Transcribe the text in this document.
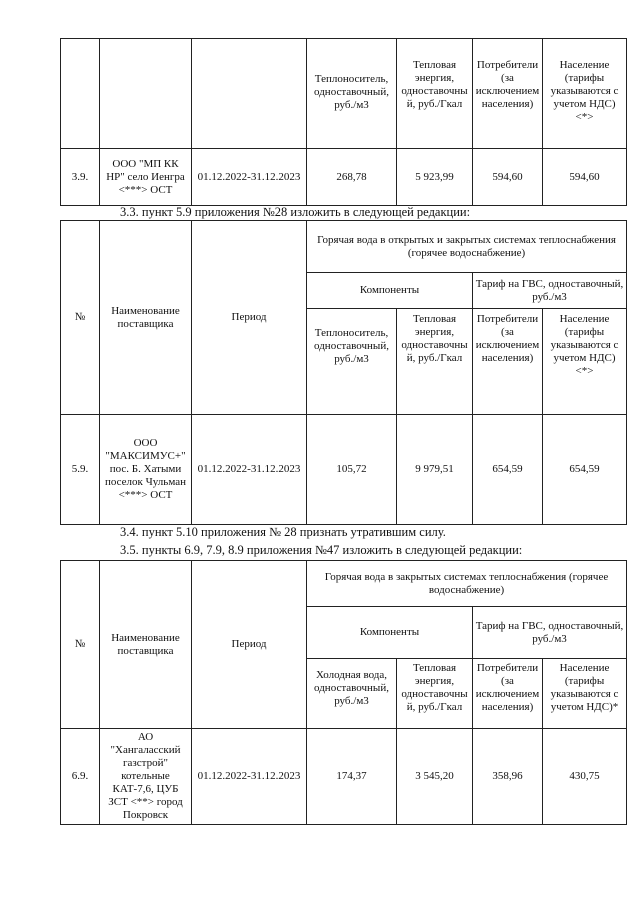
			Теплоноситель, одноставочный, руб./м3	Тепловая энергия, одноставочный, руб./Гкал	Потребители (за исключением населения)	Население (тарифы указываются с учетом НДС) <*>
3.9.	ООО "МП КК НР" село Иенгра <***> ОСТ	01.12.2022-31.12.2023	268,78	5 923,99	594,60	594,60
3.3. пункт 5.9 приложения №28 изложить в следующей редакции:
№	Наименование поставщика	Период	Горячая вода в открытых и закрытых системах теплоснабжения (горячее водоснабжение)			
			Компоненты		Тариф на ГВС, одноставочный, руб./м3	
			Теплоноситель, одноставочный, руб./м3	Тепловая энергия, одноставочный, руб./Гкал	Потребители (за исключением населения)	Население (тарифы указываются с учетом НДС) <*>
5.9.	ООО "МАКСИМУС+" пос. Б. Хатыми поселок Чульман <***> ОСТ	01.12.2022-31.12.2023	105,72	9 979,51	654,59	654,59
3.4. пункт 5.10 приложения № 28 признать утратившим силу.
3.5. пункты 6.9, 7.9, 8.9 приложения №47 изложить в следующей редакции:
№	Наименование поставщика	Период	Горячая вода в закрытых системах теплоснабжения (горячее водоснабжение)			
			Компоненты		Тариф на ГВС, одноставочный, руб./м3	
			Холодная вода, одноставочный, руб./м3	Тепловая энергия, одноставочный, руб./Гкал	Потребители (за исключением населения)	Население (тарифы указываются с учетом НДС)*
6.9.	АО "Хангаласский газстрой" котельные КАТ-7,6, ЦУБ ЗСТ <**> город Покровск	01.12.2022-31.12.2023	174,37	3 545,20	358,96	430,75
